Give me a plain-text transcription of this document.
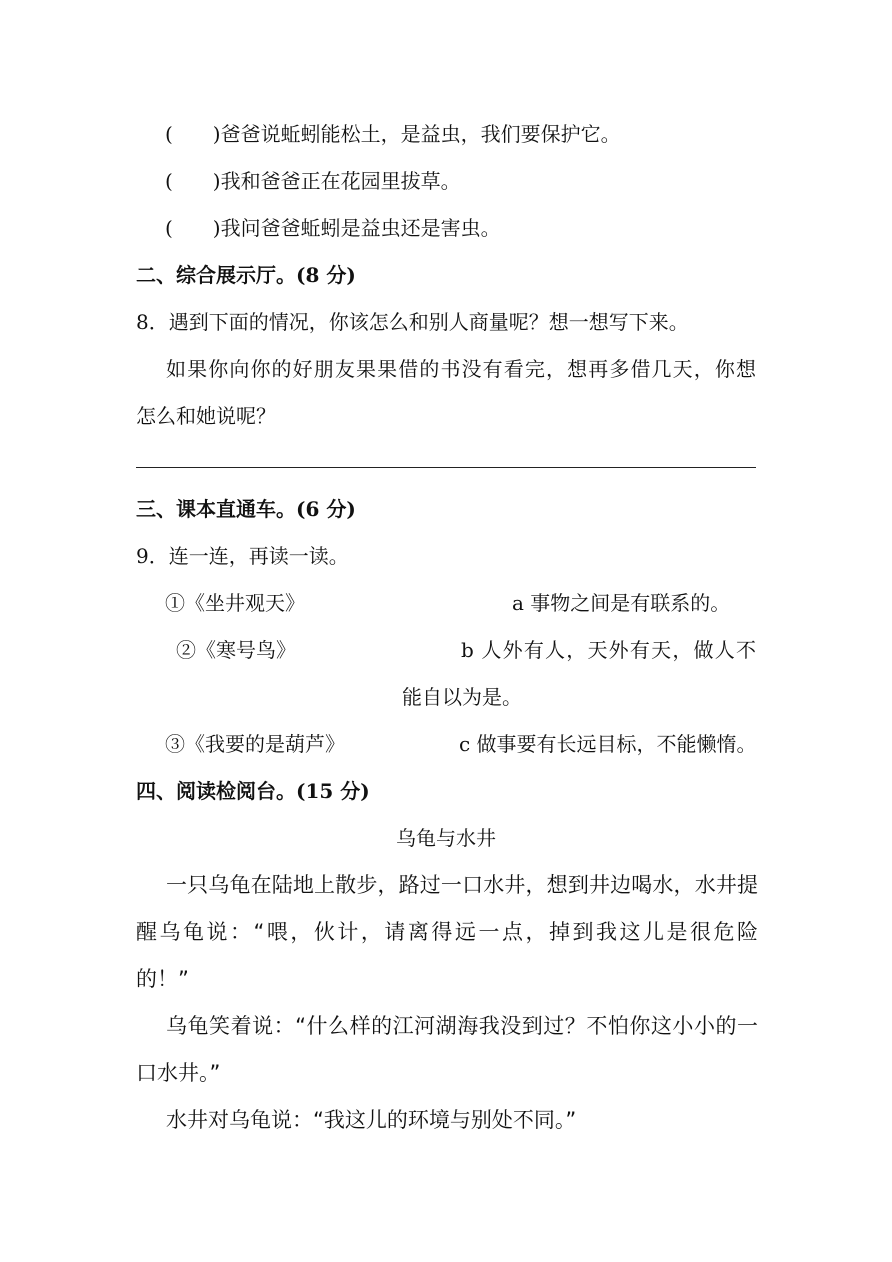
(　　)爸爸说蚯蚓能松土，是益虫，我们要保护它。
(　　)我和爸爸正在花园里拔草。
(　　)我问爸爸蚯蚓是益虫还是害虫。
二、综合展示厅。(8 分)
8．遇到下面的情况，你该怎么和别人商量呢？想一想写下来。
如果你向你的好朋友果果借的书没有看完，想再多借几天，你想
怎么和她说呢？
三、课本直通车。(6 分)
9．连一连，再读一读。
①《坐井观天》	a 事物之间是有联系的。
②《寒号鸟》	b 人外有人，天外有天，做人不
能自以为是。
③《我要的是葫芦》	c 做事要有长远目标，不能懒惰。
四、阅读检阅台。(15 分)
乌龟与水井
一只乌龟在陆地上散步，路过一口水井，想到井边喝水，水井提
醒乌龟说：“喂，伙计，请离得远一点，掉到我这儿是很危险
的！”
乌龟笑着说：“什么样的江河湖海我没到过？不怕你这小小的一
口水井。”
水井对乌龟说：“我这儿的环境与别处不同。”
